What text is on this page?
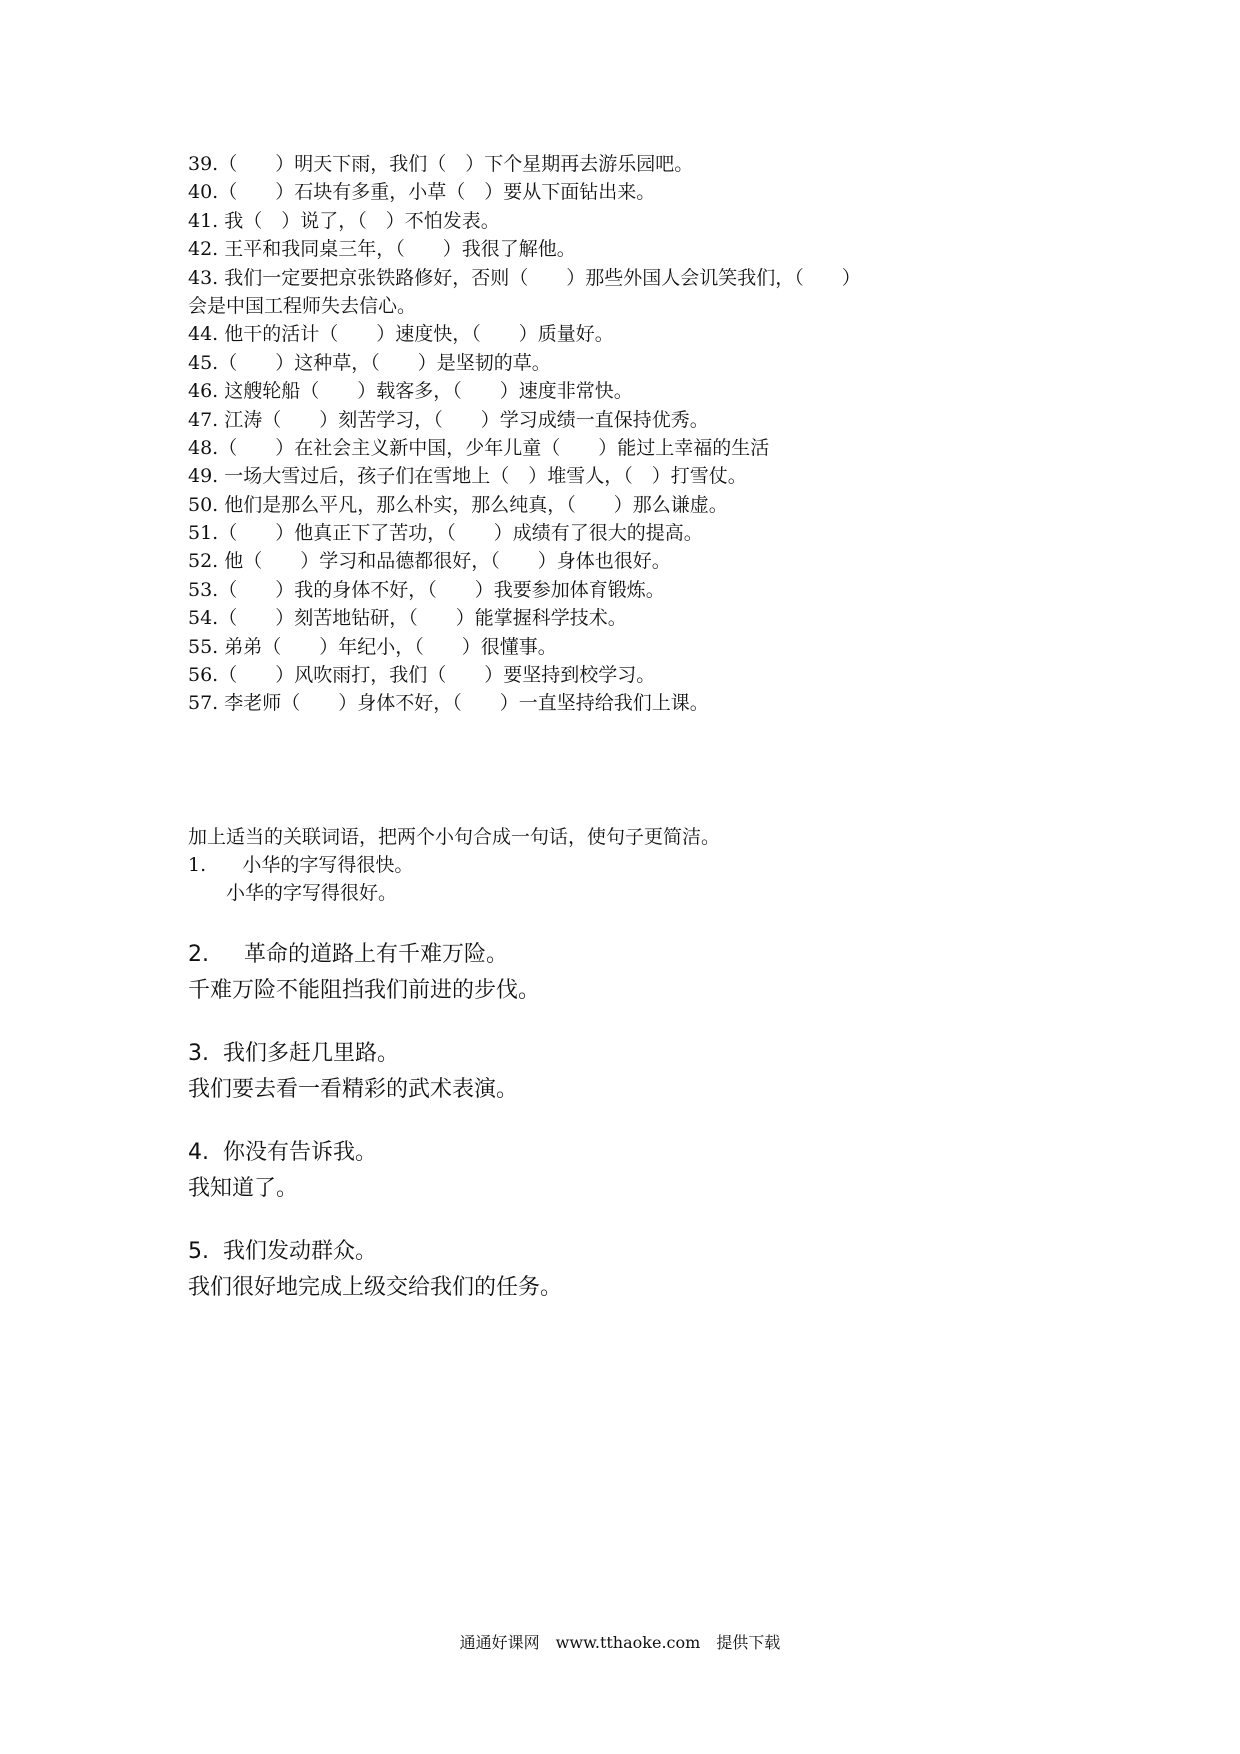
39.（　　）明天下雨，我们（　）下个星期再去游乐园吧。
40.（　　）石块有多重，小草（　）要从下面钻出来。
41. 我（　）说了，（　）不怕发表。
42. 王平和我同桌三年，（　　）我很了解他。
43. 我们一定要把京张铁路修好，否则（　　）那些外国人会讥笑我们，（　　）
会是中国工程师失去信心。
44. 他干的活计（　　）速度快，（　　）质量好。
45.（　　）这种草，（　　）是坚韧的草。
46. 这艘轮船（　　）载客多，（　　）速度非常快。
47. 江涛（　　）刻苦学习，（　　）学习成绩一直保持优秀。
48.（　　）在社会主义新中国，少年儿童（　　）能过上幸福的生活
49. 一场大雪过后，孩子们在雪地上（　）堆雪人，（　）打雪仗。
50. 他们是那么平凡，那么朴实，那么纯真，（　　）那么谦虚。
51.（　　）他真正下了苦功，（　　）成绩有了很大的提高。
52. 他（　　）学习和品德都很好，（　　）身体也很好。
53.（　　）我的身体不好，（　　）我要参加体育锻炼。
54.（　　）刻苦地钻研，（　　）能掌握科学技术。
55. 弟弟（　　）年纪小，（　　）很懂事。
56.（　　）风吹雨打，我们（　　）要坚持到校学习。
57. 李老师（　　）身体不好，（　　）一直坚持给我们上课。
加上适当的关联词语，把两个小句合成一句话，使句子更简洁。
1. 小华的字写得很快。
小华的字写得很好。
2. 革命的道路上有千难万险。
千难万险不能阻挡我们前进的步伐。
3. 我们多赶几里路。
我们要去看一看精彩的武术表演。
4. 你没有告诉我。
我知道了。
5. 我们发动群众。
我们很好地完成上级交给我们的任务。
通通好课网　www.tthaoke.com　提供下载
